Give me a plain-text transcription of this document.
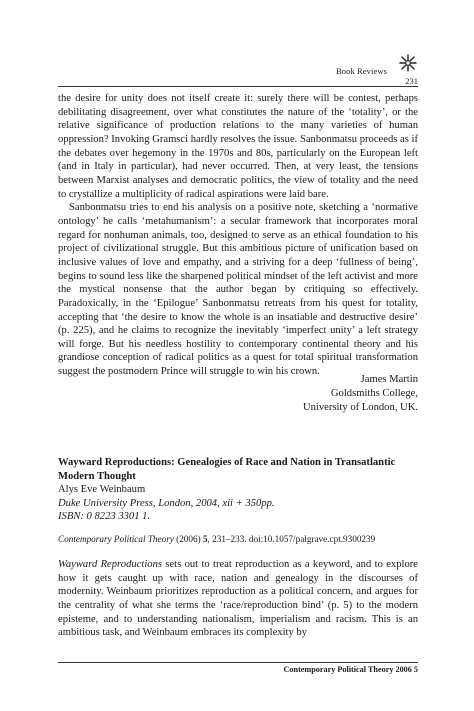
Book Reviews
231

the desire for unity does not itself create it: surely there will be contest, perhaps debilitating disagreement, over what constitutes the nature of the ‘totality’, or the relative significance of production relations to the many varieties of human oppression? Invoking Gramsci hardly resolves the issue. Sanbonmatsu proceeds as if the debates over hegemony in the 1970s and 80s, particularly on the European left (and in Italy in particular), had never occurred. Then, at very least, the tensions between Marxist analyses and democratic politics, the view of totality and the need to crystallize a multiplicity of radical aspirations were laid bare.

Sanbonmatsu tries to end his analysis on a positive note, sketching a ‘normative ontology’ he calls ‘metahumanism’: a secular framework that incorporates moral regard for nonhuman animals, too, designed to serve as an ethical foundation to his project of civilizational struggle. But this ambitious picture of unification based on inclusive values of love and empathy, and a striving for a deep ‘fullness of being’, begins to sound less like the sharpened political mindset of the left activist and more the mystical nonsense that the author began by critiquing so effectively. Paradoxically, in the ‘Epilogue’ Sanbonmatsu retreats from his quest for totality, accepting that ‘the desire to know the whole is an insatiable and destructive desire’ (p. 225), and he claims to recognize the inevitably ‘imperfect unity’ a left strategy will forge. But his needless hostility to contemporary continental theory and his grandiose conception of radical politics as a quest for total spiritual transformation suggest the postmodern Prince will struggle to win his crown.

James Martin
Goldsmiths College,
University of London, UK.

Wayward Reproductions: Genealogies of Race and Nation in Transatlantic Modern Thought

Alys Eve Weinbaum

Duke University Press, London, 2004, xii + 350pp.

ISBN: 0 8223 3301 1.

Contemporary Political Theory (2006) 5, 231–233. doi:10.1057/palgrave.cpt.9300239

Wayward Reproductions sets out to treat reproduction as a keyword, and to explore how it gets caught up with race, nation and genealogy in the discourses of modernity. Weinbaum prioritizes reproduction as a political concern, and argues for the centrality of what she terms the ‘race/reproduction bind’ (p. 5) to the modern episteme, and to understanding nationalism, imperialism and racism. This is an ambitious task, and Weinbaum embraces its complexity by

Contemporary Political Theory 2006 5
